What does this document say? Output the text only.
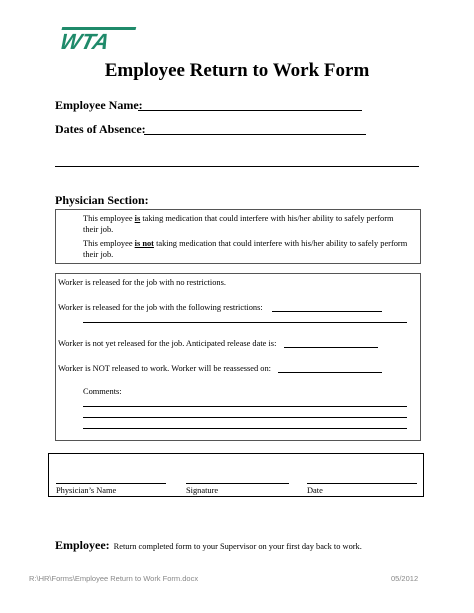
WTA
Employee Return to Work Form
Employee Name:
Dates of Absence:
Physician Section:
This employee is taking medication that could interfere with his/her ability to safely perform
their job.
This employee is not taking medication that could interfere with his/her ability to safely perform
their job.
Worker is released for the job with no restrictions.
Worker is released for the job with the following restrictions:
Worker is not yet released for the job. Anticipated release date is:
Worker is NOT released to work. Worker will be reassessed on:
Comments:
Physician’s Name	Signature	Date
Employee: Return completed form to your Supervisor on your first day back to work.
R:\HR\Forms\Employee Return to Work Form.docx	05/2012
